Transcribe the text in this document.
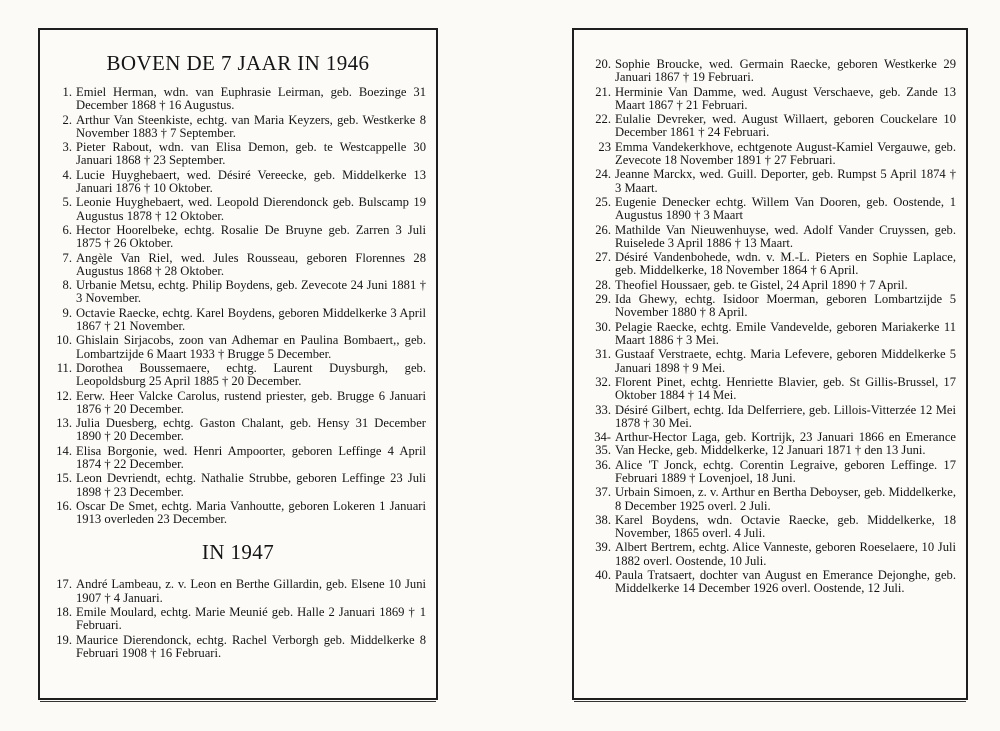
BOVEN DE 7 JAAR IN 1946
1. Emiel Herman, wdn. van Euphrasie Leirman, geb. Boezinge 31 December 1868 † 16 Augustus.
2. Arthur Van Steenkiste, echtg. van Maria Keyzers, geb. Westkerke 8 November 1883 † 7 September.
3. Pieter Rabout, wdn. van Elisa Demon, geb. te Westcappelle 30 Januari 1868 † 23 September.
4. Lucie Huyghebaert, wed. Désiré Vereecke, geb. Middelkerke 13 Januari 1876 † 10 Oktober.
5. Leonie Huyghebaert, wed. Leopold Dierendonck geb. Bulscamp 19 Augustus 1878 † 12 Oktober.
6. Hector Hoorelbeke, echtg. Rosalie De Bruyne geb. Zarren 3 Juli 1875 † 26 Oktober.
7. Angèle Van Riel, wed. Jules Rousseau, geboren Florennes 28 Augustus 1868 † 28 Oktober.
8. Urbanie Metsu, echtg. Philip Boydens, geb. Zevecote 24 Juni 1881 † 3 November.
9. Octavie Raecke, echtg. Karel Boydens, geboren Middelkerke 3 April 1867 † 21 November.
10. Ghislain Sirjacobs, zoon van Adhemar en Paulina Bombaert,, geb. Lombartzijde 6 Maart 1933 † Brugge 5 December.
11. Dorothea Boussemaere, echtg. Laurent Duysburgh, geb. Leopoldsburg 25 April 1885 † 20 December.
12. Eerw. Heer Valcke Carolus, rustend priester, geb. Brugge 6 Januari 1876 † 20 December.
13. Julia Duesberg, echtg. Gaston Chalant, geb. Hensy 31 December 1890 † 20 December.
14. Elisa Borgonie, wed. Henri Ampoorter, geboren Leffinge 4 April 1874 † 22 December.
15. Leon Devriendt, echtg. Nathalie Strubbe, geboren Leffinge 23 Juli 1898 † 23 December.
16. Oscar De Smet, echtg. Maria Vanhoutte, geboren Lokeren 1 Januari 1913 overleden 23 December.
IN 1947
17. André Lambeau, z. v. Leon en Berthe Gillardin, geb. Elsene 10 Juni 1907 † 4 Januari.
18. Emile Moulard, echtg. Marie Meunié geb. Halle 2 Januari 1869 † 1 Februari.
19. Maurice Dierendonck, echtg. Rachel Verborgh geb. Middelkerke 8 Februari 1908 † 16 Februari.
20. Sophie Broucke, wed. Germain Raecke, geboren Westkerke 29 Januari 1867 † 19 Februari.
21. Herminie Van Damme, wed. August Verschaeve, geb. Zande 13 Maart 1867 † 21 Februari.
22. Eulalie Devreker, wed. August Willaert, geboren Couckelare 10 December 1861 † 24 Februari.
23 Emma Vandekerkhove, echtgenote August-Kamiel Vergauwe, geb. Zevecote 18 November 1891 † 27 Februari.
24. Jeanne Marckx, wed. Guill. Deporter, geb. Rumpst 5 April 1874 † 3 Maart.
25. Eugenie Denecker echtg. Willem Van Dooren, geb. Oostende, 1 Augustus 1890 † 3 Maart
26. Mathilde Van Nieuwenhuyse, wed. Adolf Vander Cruyssen, geb. Ruiselede 3 April 1886 † 13 Maart.
27. Désiré Vandenbohede, wdn. v. M.-L. Pieters en Sophie Laplace, geb. Middelkerke, 18 November 1864 † 6 April.
28. Theofiel Houssaer, geb. te Gistel, 24 April 1890 † 7 April.
29. Ida Ghewy, echtg. Isidoor Moerman, geboren Lombartzijde 5 November 1880 † 8 April.
30. Pelagie Raecke, echtg. Emile Vandevelde, geboren Mariakerke 11 Maart 1886 † 3 Mei.
31. Gustaaf Verstraete, echtg. Maria Lefevere, geboren Middelkerke 5 Januari 1898 † 9 Mei.
32. Florent Pinet, echtg. Henriette Blavier, geb. St Gillis-Brussel, 17 Oktober 1884 † 14 Mei.
33. Désiré Gilbert, echtg. Ida Delferriere, geb. Lillois-Vitterzée 12 Mei 1878 † 30 Mei.
34-35.
Arthur-Hector Laga, geb. Kortrijk, 23 Januari 1866 en Emerance Van Hecke, geb. Middelkerke, 12 Januari 1871 † den 13 Juni.
36. Alice 'T Jonck, echtg. Corentin Legraive, geboren Leffinge. 17 Februari 1889 † Lovenjoel, 18 Juni.
37. Urbain Simoen, z. v. Arthur en Bertha Deboyser, geb. Middelkerke, 8 December 1925 overl. 2 Juli.
38. Karel Boydens, wdn. Octavie Raecke, geb. Middelkerke, 18 November, 1865 overl. 4 Juli.
39. Albert Bertrem, echtg. Alice Vanneste, geboren Roeselaere, 10 Juli 1882 overl. Oostende, 10 Juli.
40. Paula Tratsaert, dochter van August en Emerance Dejonghe, geb. Middelkerke 14 December 1926 overl. Oostende, 12 Juli.
